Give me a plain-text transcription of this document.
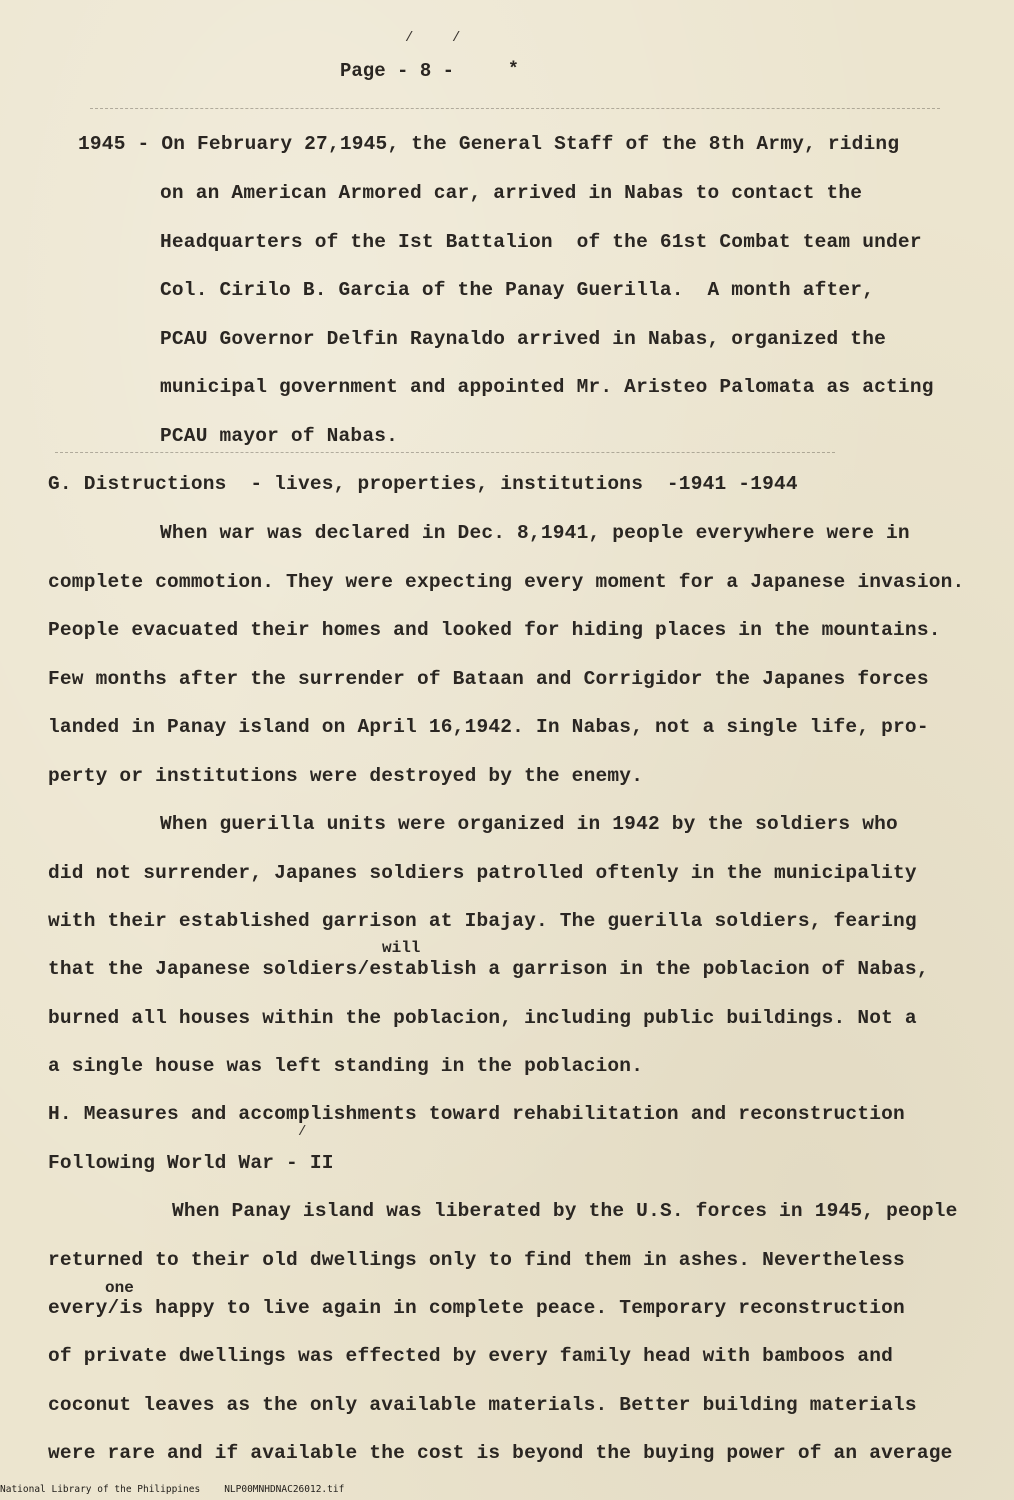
/	/
Page - 8 -	*
1945 - On February 27,1945, the General Staff of the 8th Army, riding
on an American Armored car, arrived in Nabas to contact the
Headquarters of the Ist Battalion  of the 61st Combat team under
Col. Cirilo B. Garcia of the Panay Guerilla.  A month after,
PCAU Governor Delfin Raynaldo arrived in Nabas, organized the
municipal government and appointed Mr. Aristeo Palomata as acting
PCAU mayor of Nabas.
G. Distructions  - lives, properties, institutions  -1941 -1944
When war was declared in Dec. 8,1941, people everywhere were in
complete commotion. They were expecting every moment for a Japanese invasion.
People evacuated their homes and looked for hiding places in the mountains.
Few months after the surrender of Bataan and Corrigidor the Japanes forces
landed in Panay island on April 16,1942. In Nabas, not a single life, pro-
perty or institutions were destroyed by the enemy.
When guerilla units were organized in 1942 by the soldiers who
did not surrender, Japanes soldiers patrolled oftenly in the municipality
with their established garrison at Ibajay. The guerilla soldiers, fearing
will
that the Japanese soldiers/establish a garrison in the poblacion of Nabas,
burned all houses within the poblacion, including public buildings. Not a
a single house was left standing in the poblacion.
H. Measures and accomplishments toward rehabilitation and reconstruction
/
Following World War - II
When Panay island was liberated by the U.S. forces in 1945, people
returned to their old dwellings only to find them in ashes. Nevertheless
one
every/is happy to live again in complete peace. Temporary reconstruction
of private dwellings was effected by every family head with bamboos and
coconut leaves as the only available materials. Better building materials
were rare and if available the cost is beyond the buying power of an average
National Library of the Philippines	NLP00MNHDNAC26012.tif
